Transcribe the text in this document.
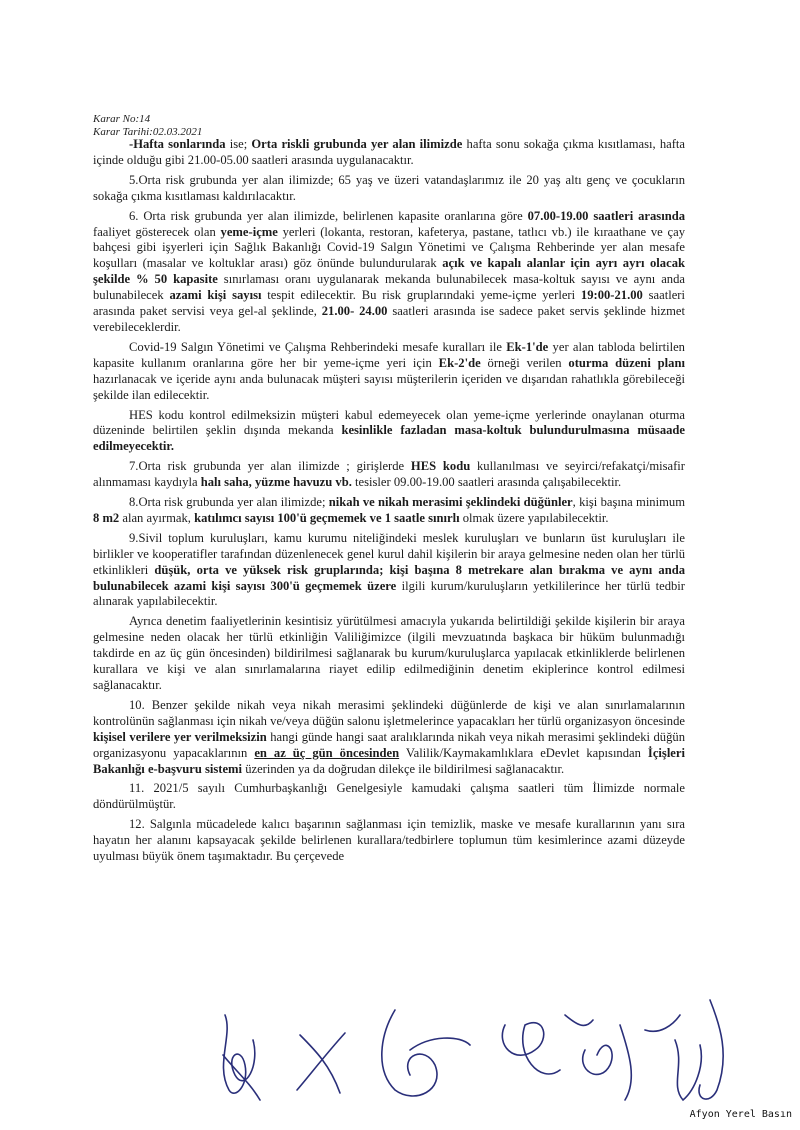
Karar No:14
Karar Tarihi:02.03.2021

-Hafta sonlarında ise; Orta riskli grubunda yer alan ilimizde hafta sonu sokağa çıkma kısıtlaması, hafta içinde olduğu gibi 21.00-05.00 saatleri arasında uygulanacaktır.

5.Orta risk grubunda yer alan ilimizde; 65 yaş ve üzeri vatandaşlarımız ile 20 yaş altı genç ve çocukların sokağa çıkma kısıtlaması kaldırılacaktır.

6. Orta risk grubunda yer alan ilimizde, belirlenen kapasite oranlarına göre 07.00-19.00 saatleri arasında faaliyet gösterecek olan yeme-içme yerleri (lokanta, restoran, kafeterya, pastane, tatlıcı vb.) ile kıraathane ve çay bahçesi gibi işyerleri için Sağlık Bakanlığı Covid-19 Salgın Yönetimi ve Çalışma Rehberinde yer alan mesafe koşulları (masalar ve koltuklar arası) göz önünde bulundurularak açık ve kapalı alanlar için ayrı ayrı olacak şekilde % 50 kapasite sınırlaması oranı uygulanarak mekanda bulunabilecek masa-koltuk sayısı ve aynı anda bulunabilecek azami kişi sayısı tespit edilecektir. Bu risk gruplarındaki yeme-içme yerleri 19:00-21.00 saatleri arasında paket servisi veya gel-al şeklinde, 21.00- 24.00 saatleri arasında ise sadece paket servis şeklinde hizmet verebileceklerdir.

Covid-19 Salgın Yönetimi ve Çalışma Rehberindeki mesafe kuralları ile Ek-1'de yer alan tabloda belirtilen kapasite kullanım oranlarına göre her bir yeme-içme yeri için Ek-2'de örneği verilen oturma düzeni planı hazırlanacak ve içeride aynı anda bulunacak müşteri sayısı müşterilerin içeriden ve dışarıdan rahatlıkla görebileceği şekilde ilan edilecektir.

HES kodu kontrol edilmeksizin müşteri kabul edemeyecek olan yeme-içme yerlerinde onaylanan oturma düzeninde belirtilen şeklin dışında mekanda kesinlikle fazladan masa-koltuk bulundurulmasına müsaade edilmeyecektir.

7.Orta risk grubunda yer alan ilimizde ; girişlerde HES kodu kullanılması ve seyirci/refakatçi/misafir alınmaması kaydıyla halı saha, yüzme havuzu vb. tesisler 09.00-19.00 saatleri arasında çalışabilecektir.

8.Orta risk grubunda yer alan ilimizde; nikah ve nikah merasimi şeklindeki düğünler, kişi başına minimum 8 m2 alan ayırmak, katılımcı sayısı 100'ü geçmemek ve 1 saatle sınırlı olmak üzere yapılabilecektir.

9.Sivil toplum kuruluşları, kamu kurumu niteliğindeki meslek kuruluşları ve bunların üst kuruluşları ile birlikler ve kooperatifler tarafından düzenlenecek genel kurul dahil kişilerin bir araya gelmesine neden olan her türlü etkinlikleri düşük, orta ve yüksek risk gruplarında; kişi başına 8 metrekare alan bırakma ve aynı anda bulunabilecek azami kişi sayısı 300'ü geçmemek üzere ilgili kurum/kuruluşların yetkililerince her türlü tedbir alınarak yapılabilecektir.

Ayrıca denetim faaliyetlerinin kesintisiz yürütülmesi amacıyla yukarıda belirtildiği şekilde kişilerin bir araya gelmesine neden olacak her türlü etkinliğin Valiliğimizce (ilgili mevzuatında başkaca bir hüküm bulunmadığı takdirde en az üç gün öncesinden) bildirilmesi sağlanarak bu kurum/kuruluşlarca yapılacak etkinliklerde belirlenen kurallara ve kişi ve alan sınırlamalarına riayet edilip edilmediğinin denetim ekiplerince kontrol edilmesi sağlanacaktır.

10. Benzer şekilde nikah veya nikah merasimi şeklindeki düğünlerde de kişi ve alan sınırlamalarının kontrolünün sağlanması için nikah ve/veya düğün salonu işletmelerince yapacakları her türlü organizasyon öncesinde kişisel verilere yer verilmeksizin hangi günde hangi saat aralıklarında nikah veya nikah merasimi şeklindeki düğün organizasyonu yapacaklarının en az üç gün öncesinden Valilik/Kaymakamlıklara eDevlet kapısından İçişleri Bakanlığı e-başvuru sistemi üzerinden ya da doğrudan dilekçe ile bildirilmesi sağlanacaktır.

11. 2021/5 sayılı Cumhurbaşkanlığı Genelgesiyle kamudaki çalışma saatleri tüm İlimizde normale döndürülmüştür.

12. Salgınla mücadelede kalıcı başarının sağlanması için temizlik, maske ve mesafe kurallarının yanı sıra hayatın her alanını kapsayacak şekilde belirlenen kurallara/tedbirlere toplumun tüm kesimlerince azami düzeyde uyulması büyük önem taşımaktadır. Bu çerçevede

Afyon Yerel Basın
